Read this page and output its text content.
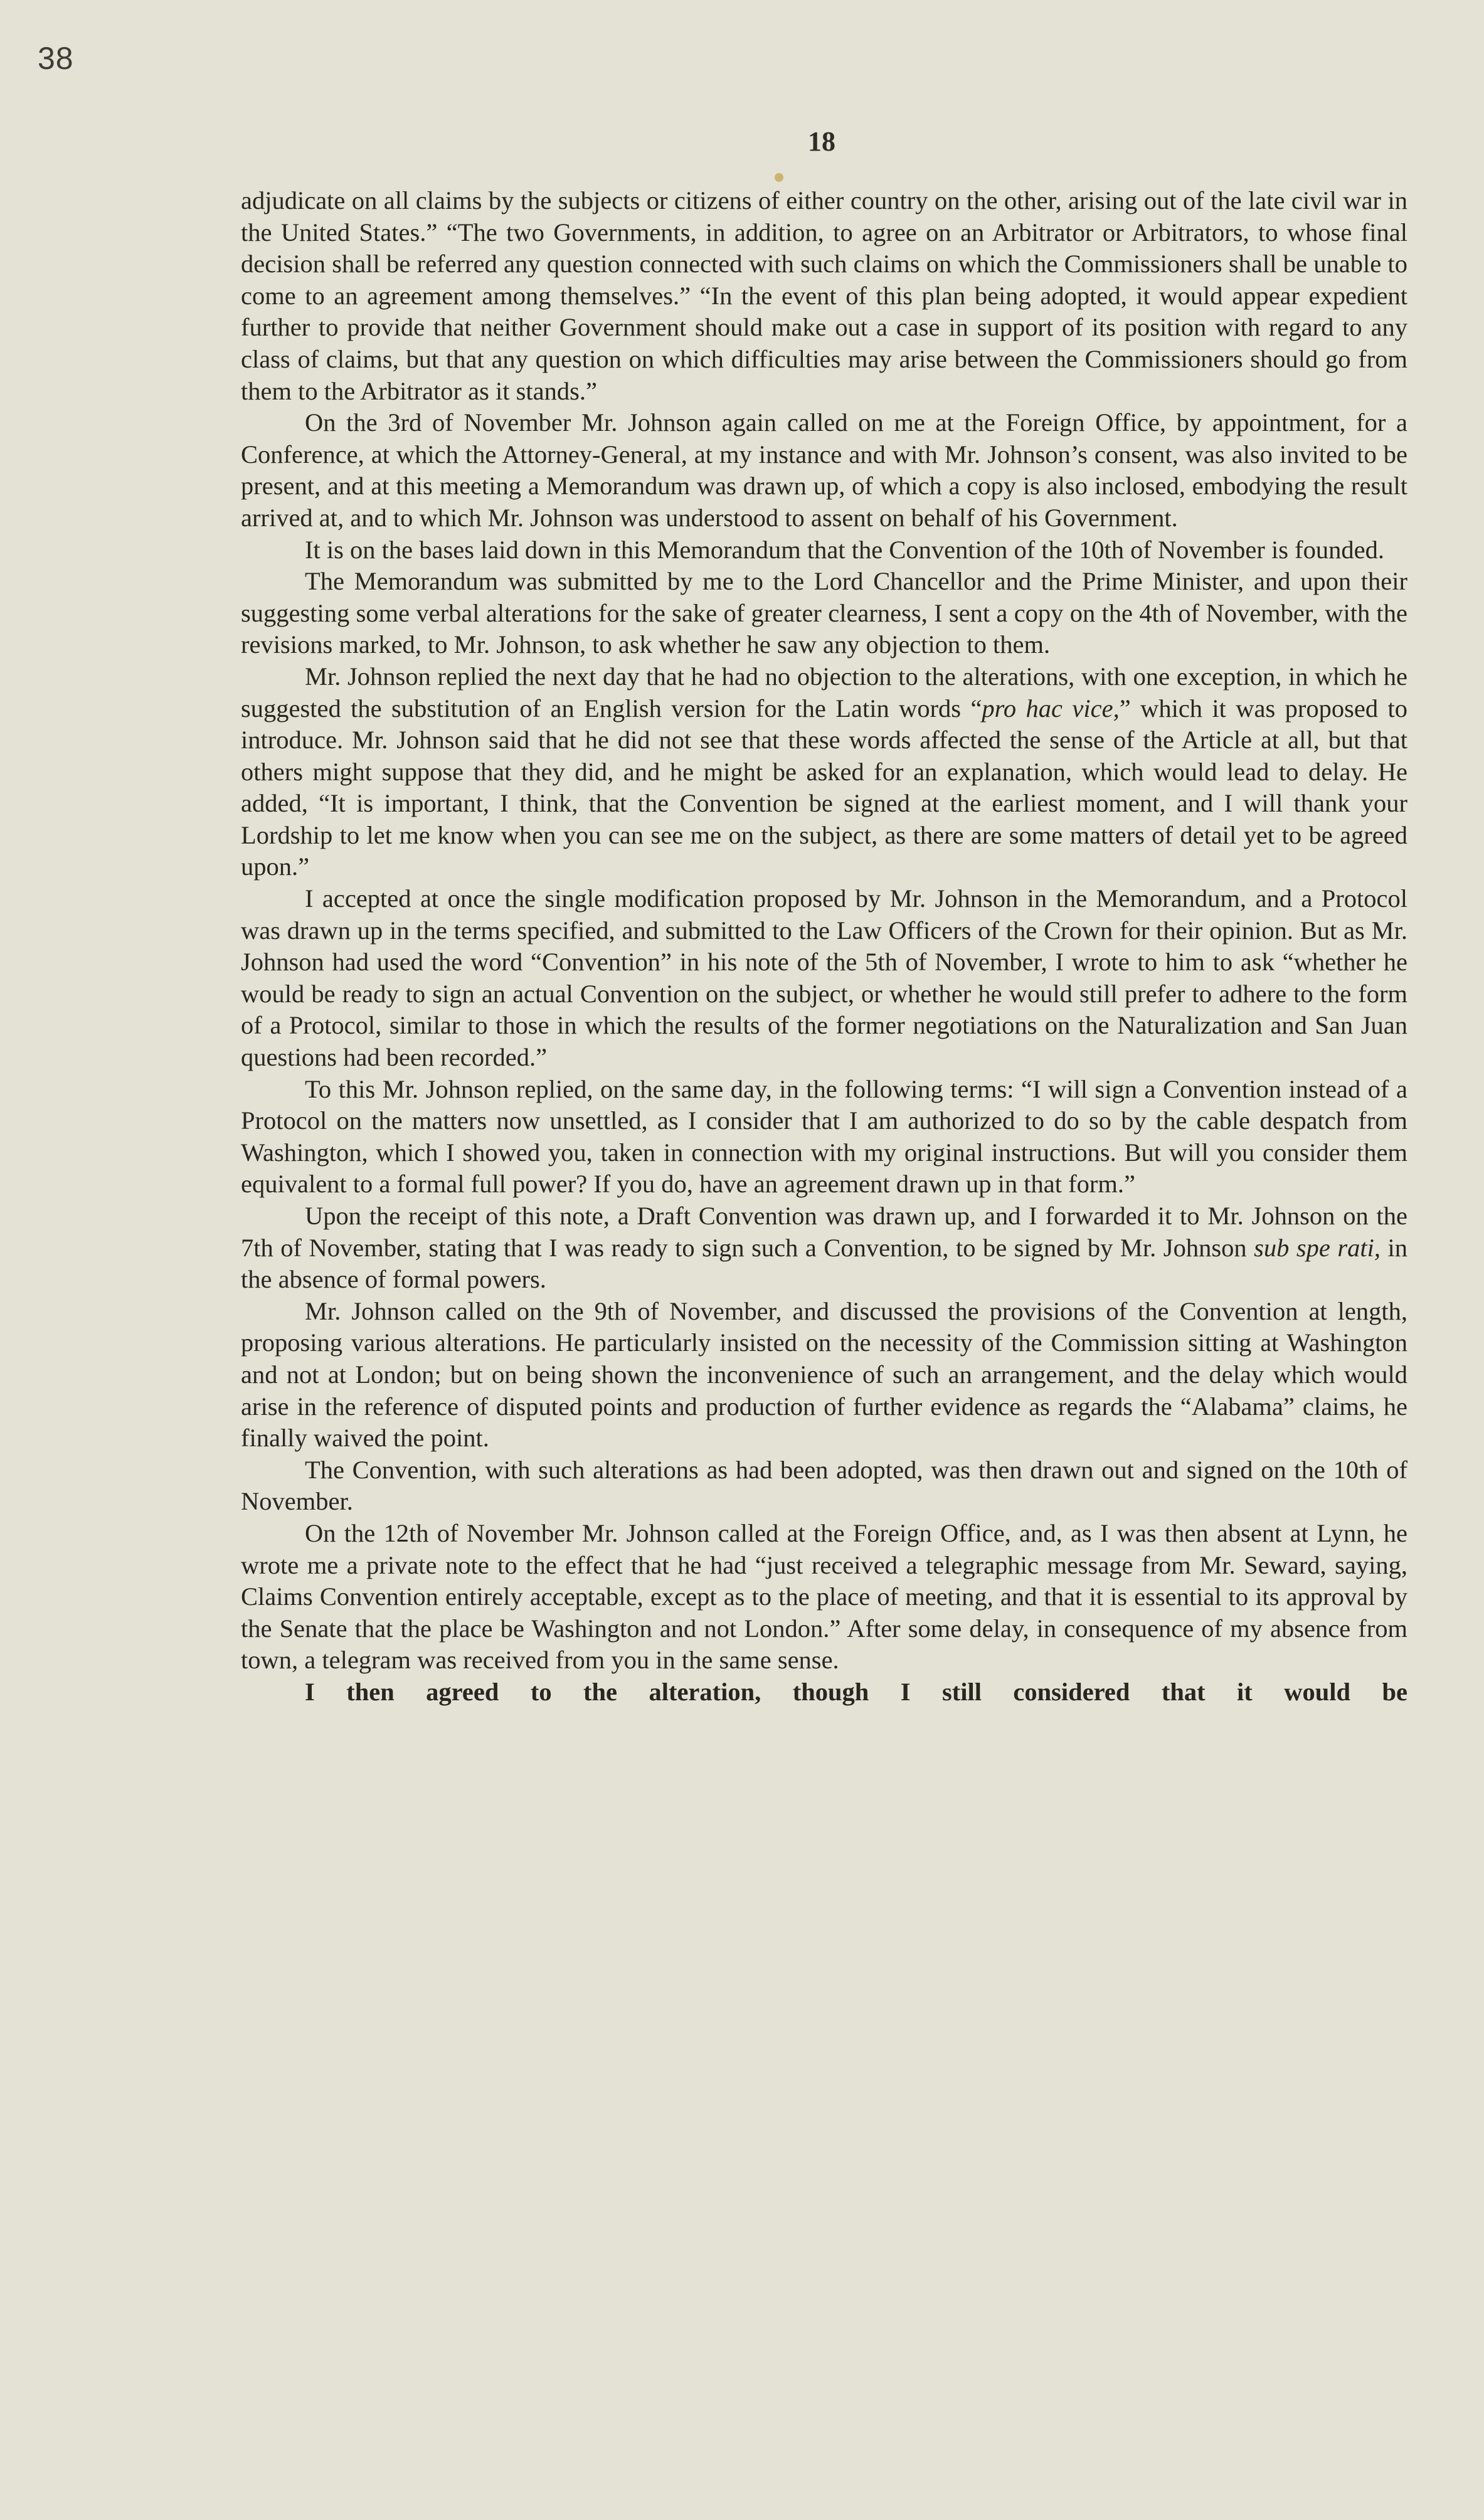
38
18

adjudicate on all claims by the subjects or citizens of either country on the other, arising out of the late civil war in the United States.” “The two Governments, in addition, to agree on an Arbitrator or Arbitrators, to whose final decision shall be referred any question connected with such claims on which the Commissioners shall be unable to come to an agreement among themselves.” “In the event of this plan being adopted, it would appear expedient further to provide that neither Government should make out a case in support of its position with regard to any class of claims, but that any question on which difficulties may arise between the Commissioners should go from them to the Arbitrator as it stands.”

On the 3rd of November Mr. Johnson again called on me at the Foreign Office, by appointment, for a Conference, at which the Attorney-General, at my instance and with Mr. Johnson’s consent, was also invited to be present, and at this meeting a Memorandum was drawn up, of which a copy is also inclosed, embodying the result arrived at, and to which Mr. Johnson was understood to assent on behalf of his Government.

It is on the bases laid down in this Memorandum that the Convention of the 10th of November is founded.

The Memorandum was submitted by me to the Lord Chancellor and the Prime Minister, and upon their suggesting some verbal alterations for the sake of greater clearness, I sent a copy on the 4th of November, with the revisions marked, to Mr. Johnson, to ask whether he saw any objection to them.

Mr. Johnson replied the next day that he had no objection to the alterations, with one exception, in which he suggested the substitution of an English version for the Latin words “pro hac vice,” which it was proposed to introduce. Mr. Johnson said that he did not see that these words affected the sense of the Article at all, but that others might suppose that they did, and he might be asked for an explanation, which would lead to delay. He added, “It is important, I think, that the Convention be signed at the earliest moment, and I will thank your Lordship to let me know when you can see me on the subject, as there are some matters of detail yet to be agreed upon.”

I accepted at once the single modification proposed by Mr. Johnson in the Memorandum, and a Protocol was drawn up in the terms specified, and submitted to the Law Officers of the Crown for their opinion. But as Mr. Johnson had used the word “Convention” in his note of the 5th of November, I wrote to him to ask “whether he would be ready to sign an actual Convention on the subject, or whether he would still prefer to adhere to the form of a Protocol, similar to those in which the results of the former negotiations on the Naturalization and San Juan questions had been recorded.”

To this Mr. Johnson replied, on the same day, in the following terms: “I will sign a Convention instead of a Protocol on the matters now unsettled, as I consider that I am authorized to do so by the cable despatch from Washington, which I showed you, taken in connection with my original instructions. But will you consider them equivalent to a formal full power? If you do, have an agreement drawn up in that form.”

Upon the receipt of this note, a Draft Convention was drawn up, and I forwarded it to Mr. Johnson on the 7th of November, stating that I was ready to sign such a Convention, to be signed by Mr. Johnson sub spe rati, in the absence of formal powers.

Mr. Johnson called on the 9th of November, and discussed the provisions of the Convention at length, proposing various alterations. He particularly insisted on the necessity of the Commission sitting at Washington and not at London; but on being shown the inconvenience of such an arrangement, and the delay which would arise in the reference of disputed points and production of further evidence as regards the “Alabama” claims, he finally waived the point.

The Convention, with such alterations as had been adopted, was then drawn out and signed on the 10th of November.

On the 12th of November Mr. Johnson called at the Foreign Office, and, as I was then absent at Lynn, he wrote me a private note to the effect that he had “just received a telegraphic message from Mr. Seward, saying, Claims Convention entirely acceptable, except as to the place of meeting, and that it is essential to its approval by the Senate that the place be Washington and not London.” After some delay, in consequence of my absence from town, a telegram was received from you in the same sense.

I then agreed to the alteration, though I still considered that it would be
